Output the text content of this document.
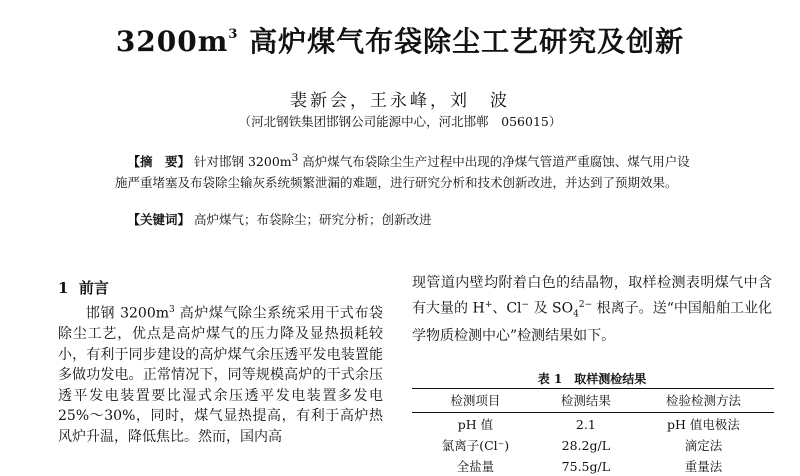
$3200m^3$ 高炉煤气布袋除尘工艺研究及创新
裴新会，王永峰，刘　波
（河北钢铁集团邯钢公司能源中心，河北邯郸　056015）

【摘　要】 针对邯钢 $3200m^3$ 高炉煤气布袋除尘生产过程中出现的净煤气管道严重腐蚀、煤气用户设施严重堵塞及布袋除尘输灰系统频繁泄漏的难题，进行研究分析和技术创新改进，并达到了预期效果。

【关键词】 高炉煤气；布袋除尘；研究分析；创新改进
1 前言

邯钢 $3200m^3$ 高炉煤气除尘系统采用干式布袋除尘工艺，优点是高炉煤气的压力降及显热损耗较小，有利于同步建设的高炉煤气余压透平发电装置能多做功发电。正常情况下，同等规模高炉的干式余压透平发电装置要比湿式余压透平发电装置多发电 25%～30%，同时，煤气显热提高，有利于高炉热风炉升温，降低焦比。然而，国内高

现管道内壁均附着白色的结晶物，取样检测表明煤气中含有大量的 H+、Cl− 及 $SO_4^{2-}$ 根离子。送“中国船舶工业化学物质检测中心”检测结果如下。

表 1　取样测检结果
检测项目	检测结果	检验检测方法
pH 值	2.1	pH 值电极法
氯离子(Cl⁻)	28.2g/L	滴定法
全盐量	75.5g/L	重量法
